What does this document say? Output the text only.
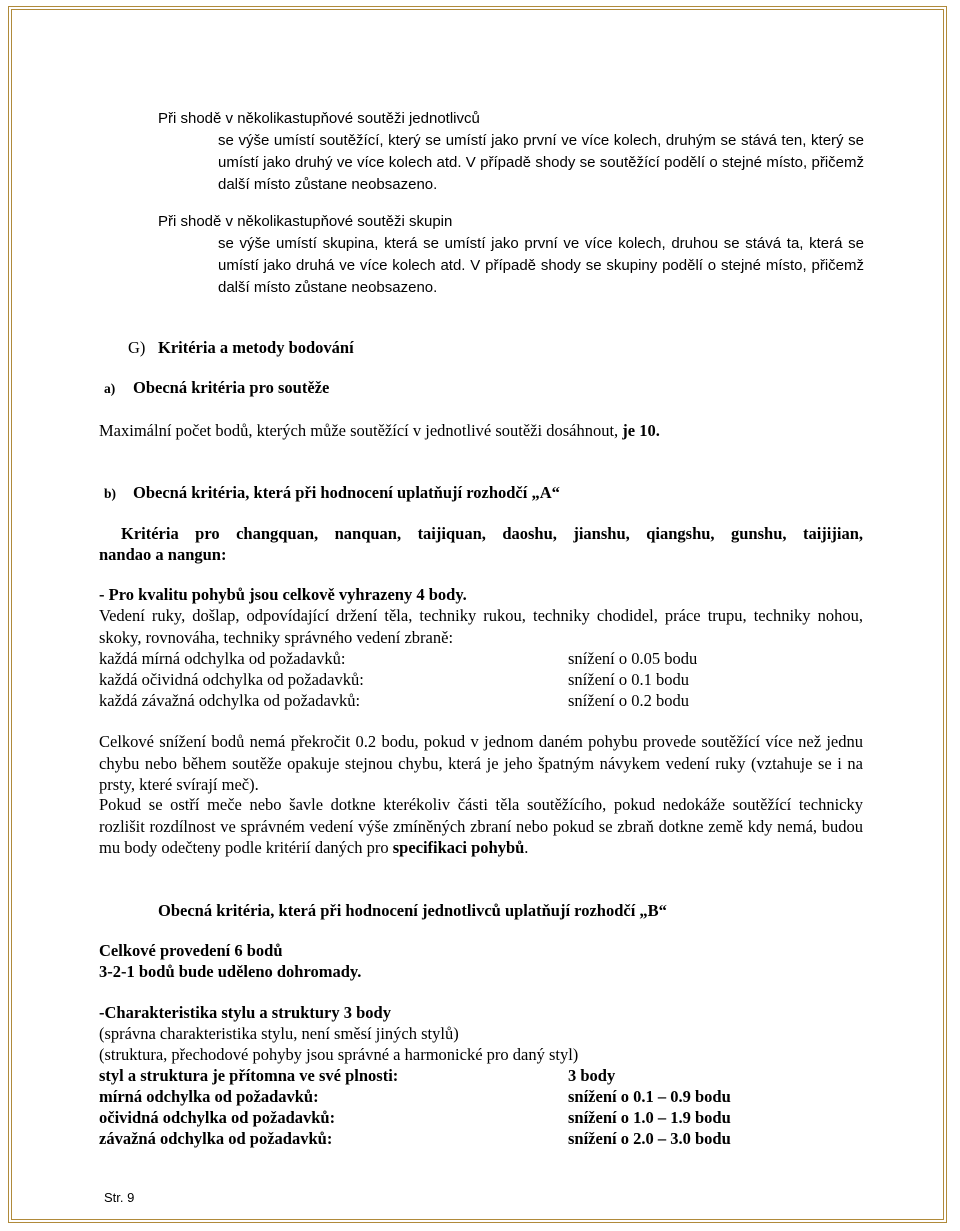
Při shodě v několikastupňové soutěži jednotlivců
se výše umístí soutěžící, který se umístí jako první ve více kolech, druhým se stává ten, který se umístí jako druhý ve více kolech atd. V případě shody se soutěžící podělí o stejné místo, přičemž další místo zůstane neobsazeno.
Při shodě v několikastupňové soutěži skupin
se výše umístí skupina, která se umístí jako první ve více kolech, druhou se stává ta, která se umístí jako druhá ve více kolech atd. V případě shody se skupiny podělí o stejné místo, přičemž další místo zůstane neobsazeno.
G) Kritéria a metody bodování
a) Obecná kritéria pro soutěže
Maximální počet bodů, kterých může soutěžící v jednotlivé soutěži dosáhnout, je 10.
b) Obecná kritéria, která při hodnocení uplatňují rozhodčí „A“
Kritéria pro changquan, nanquan, taijiquan, daoshu, jianshu, qiangshu, gunshu, taijijian,
nandao a nangun:
- Pro kvalitu pohybů jsou celkově vyhrazeny 4 body.
Vedení ruky, došlap, odpovídající držení těla, techniky rukou, techniky chodidel, práce trupu, techniky nohou, skoky, rovnováha, techniky správného vedení zbraně:
každá mírná odchylka od požadavků:	snížení o 0.05 bodu
každá očividná odchylka od požadavků:	snížení o 0.1 bodu
každá závažná odchylka od požadavků:	snížení o 0.2 bodu
Celkové snížení bodů nemá překročit 0.2 bodu, pokud v jednom daném pohybu provede soutěžící více než jednu chybu nebo během soutěže opakuje stejnou chybu, která je jeho špatným návykem vedení ruky (vztahuje se i na prsty, které svírají meč).
Pokud se ostří meče nebo šavle dotkne kterékoliv části těla soutěžícího, pokud nedokáže soutěžící technicky rozlišit rozdílnost ve správném vedení výše zmíněných zbraní nebo pokud se zbraň dotkne země kdy nemá, budou mu body odečteny podle kritérií daných pro specifikaci pohybů.
Obecná kritéria, která při hodnocení jednotlivců uplatňují rozhodčí „B“
Celkové provedení 6 bodů
3-2-1 bodů bude uděleno dohromady.
-Charakteristika stylu a struktury 3 body
(správna charakteristika stylu, není směsí jiných stylů)
(struktura, přechodové pohyby jsou správné a harmonické pro daný styl)
styl a struktura je přítomna ve své plnosti:	3 body
mírná odchylka od požadavků:	snížení o 0.1 – 0.9 bodu
očividná odchylka od požadavků:	snížení o 1.0 – 1.9 bodu
závažná odchylka od požadavků:	snížení o 2.0 – 3.0 bodu
Str. 9
